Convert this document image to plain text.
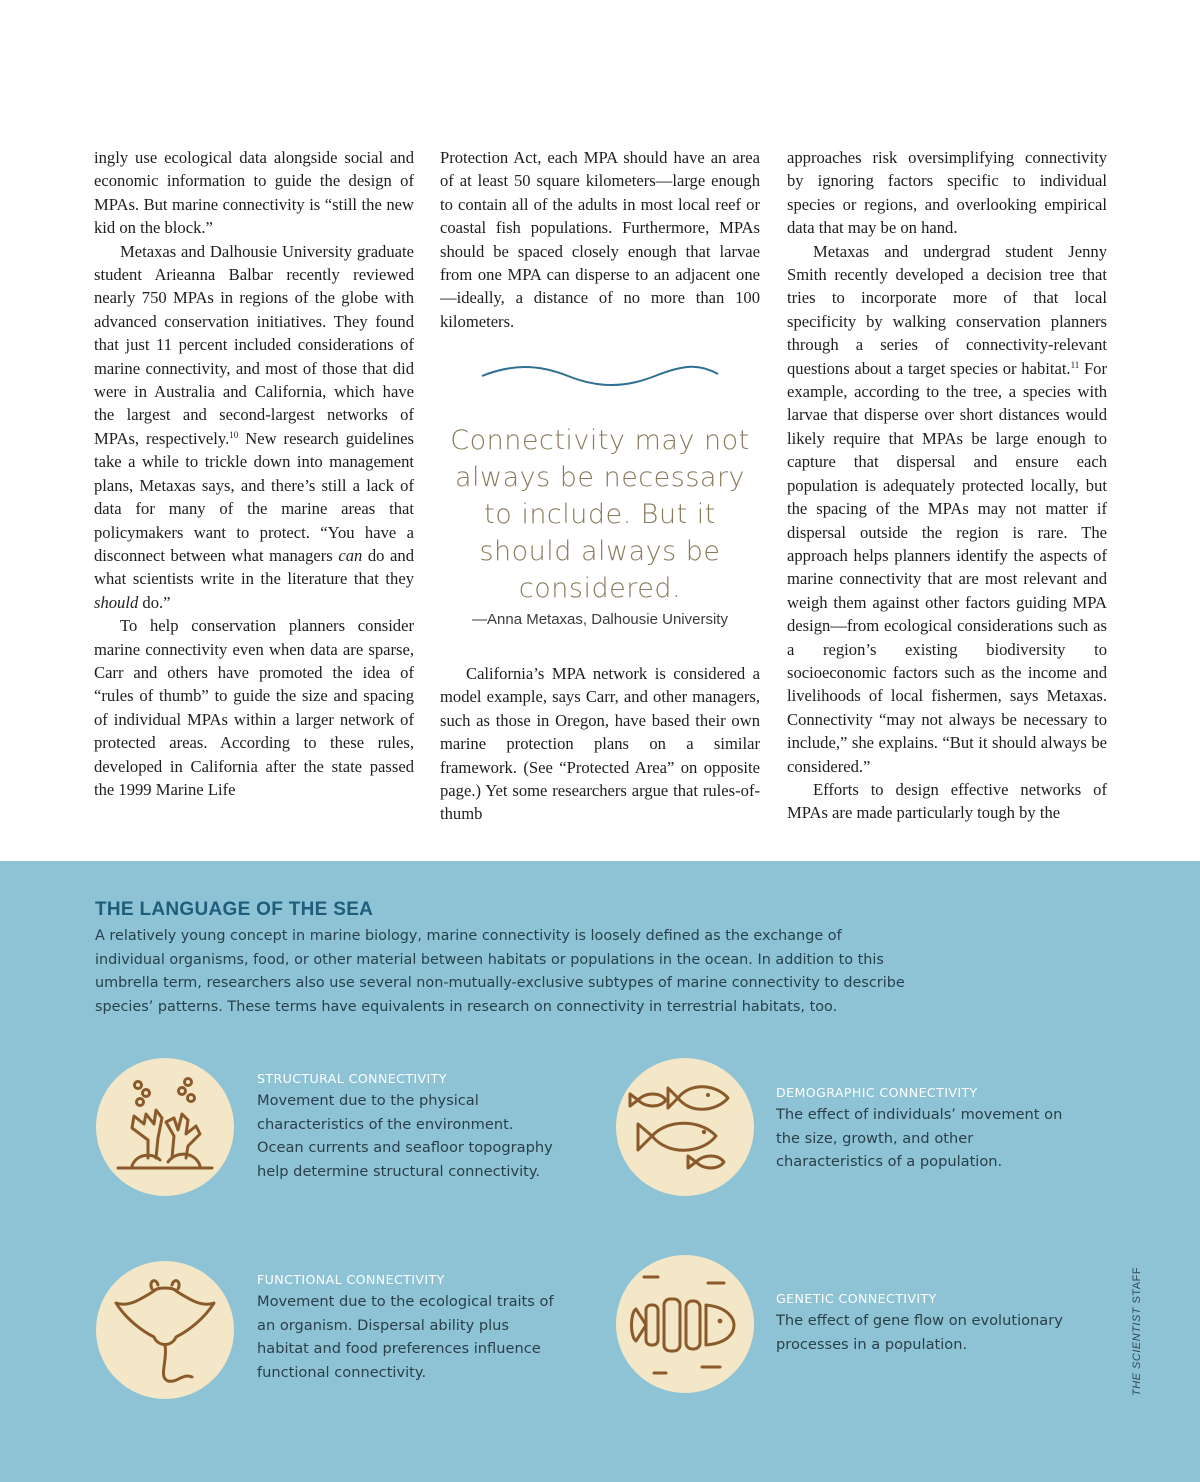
ingly use ecological data alongside social and economic information to guide the design of MPAs. But marine connectivity is “still the new kid on the block.”

Metaxas and Dalhousie University graduate student Arieanna Balbar recently reviewed nearly 750 MPAs in regions of the globe with advanced conservation initiatives. They found that just 11 percent included considerations of marine connectivity, and most of those that did were in Australia and California, which have the largest and second-largest networks of MPAs, respectively.$^{10}$ New research guidelines take a while to trickle down into management plans, Metaxas says, and there’s still a lack of data for many of the marine areas that policymakers want to protect. “You have a disconnect between what managers can do and what scientists write in the literature that they should do.”

To help conservation planners consider marine connectivity even when data are sparse, Carr and others have promoted the idea of “rules of thumb” to guide the size and spacing of individual MPAs within a larger network of protected areas. According to these rules, developed in California after the state passed the 1999 Marine Life

Protection Act, each MPA should have an area of at least 50 square kilometers—large enough to contain all of the adults in most local reef or coastal fish populations. Furthermore, MPAs should be spaced closely enough that larvae from one MPA can disperse to an adjacent one—ideally, a distance of no more than 100 kilometers.

Connectivity may not always be necessary to include. But it should always be considered.
—Anna Metaxas, Dalhousie University

California’s MPA network is considered a model example, says Carr, and other managers, such as those in Oregon, have based their own marine protection plans on a similar framework. (See “Protected Area” on opposite page.) Yet some researchers argue that rules-of-thumb

approaches risk oversimplifying connectivity by ignoring factors specific to individual species or regions, and overlooking empirical data that may be on hand.

Metaxas and undergrad student Jenny Smith recently developed a decision tree that tries to incorporate more of that local specificity by walking conservation planners through a series of connectivity-relevant questions about a target species or habitat.$^{11}$ For example, according to the tree, a species with larvae that disperse over short distances would likely require that MPAs be large enough to capture that dispersal and ensure each population is adequately protected locally, but the spacing of the MPAs may not matter if dispersal outside the region is rare. The approach helps planners identify the aspects of marine connectivity that are most relevant and weigh them against other factors guiding MPA design—from ecological considerations such as a region’s existing biodiversity to socioeconomic factors such as the income and livelihoods of local fishermen, says Metaxas. Connectivity “may not always be necessary to include,” she explains. “But it should always be considered.”

Efforts to design effective networks of MPAs are made particularly tough by the

THE LANGUAGE OF THE SEA

A relatively young concept in marine biology, marine connectivity is loosely defined as the exchange of individual organisms, food, or other material between habitats or populations in the ocean. In addition to this umbrella term, researchers also use several non-mutually-exclusive subtypes of marine connectivity to describe species’ patterns. These terms have equivalents in research on connectivity in terrestrial habitats, too.

STRUCTURAL CONNECTIVITY

Movement due to the physical characteristics of the environment. Ocean currents and seafloor topography help determine structural connectivity.

DEMOGRAPHIC CONNECTIVITY

The effect of individuals’ movement on the size, growth, and other characteristics of a population.

FUNCTIONAL CONNECTIVITY

Movement due to the ecological traits of an organism. Dispersal ability plus habitat and food preferences influence functional connectivity.

GENETIC CONNECTIVITY

The effect of gene flow on evolutionary processes in a population.	THE SCIENTIST STAFF
